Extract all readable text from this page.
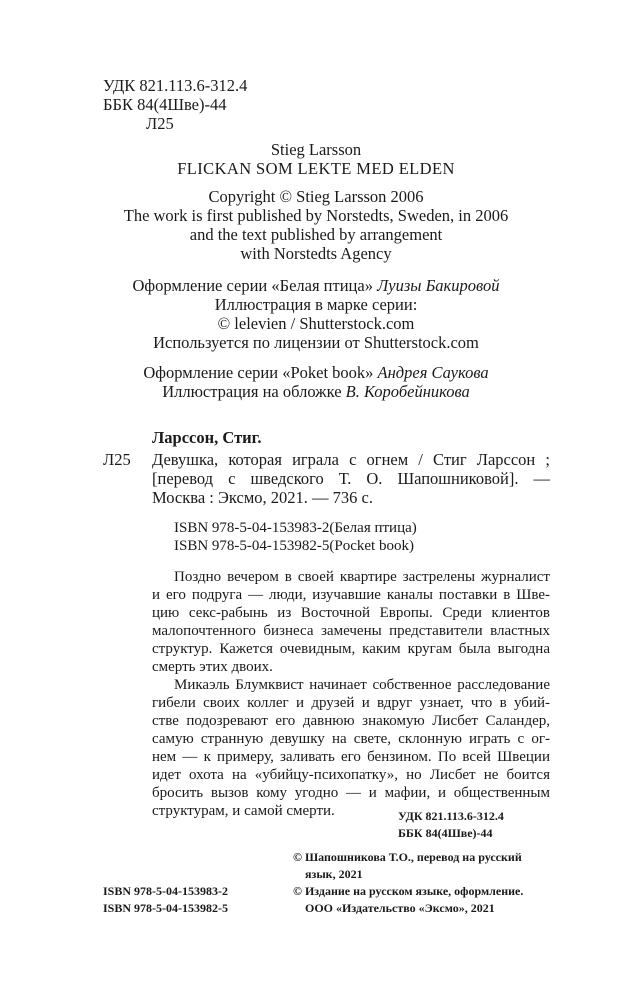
УДК 821.113.6-312.4
ББК 84(4Шве)-44
Л25
Stieg Larsson
FLICKAN SOM LEKTE MED ELDEN
Copyright © Stieg Larsson 2006
The work is first published by Norstedts, Sweden, in 2006
and the text published by arrangement
with Norstedts Agency
Оформление серии «Белая птица» Луизы Бакировой
Иллюстрация в марке серии:
© lelevien / Shutterstock.com
Используется по лицензии от Shutterstock.com
Оформление серии «Poket book» Андрея Саукова
Иллюстрация на обложке В. Коробейникова
Ларссон, Стиг.
Л25 Девушка, которая играла с огнем / Стиг Ларссон ;
[перевод с шведского Т. О. Шапошниковой]. —
Москва : Эксмо, 2021. — 736 с.
ISBN 978-5-04-153983-2(Белая птица)
ISBN 978-5-04-153982-5(Pocket book)
Поздно вечером в своей квартире застрелены журналист
и его подруга — люди, изучавшие каналы поставки в Шве-
цию секс-рабынь из Восточной Европы. Среди клиентов
малопочтенного бизнеса замечены представители властных
структур. Кажется очевидным, каким кругам была выгодна
смерть этих двоих.
Микаэль Блумквист начинает собственное расследование
гибели своих коллег и друзей и вдруг узнает, что в убий-
стве подозревают его давнюю знакомую Лисбет Саландер,
самую странную девушку на свете, склонную играть с ог-
нем — к примеру, заливать его бензином. По всей Швеции
идет охота на «убийцу-психопатку», но Лисбет не боится
бросить вызов кому угодно — и мафии, и общественным
структурам, и самой смерти.	УДК 821.113.6-312.4
ББК 84(4Шве)-44
ISBN 978-5-04-153983-2
ISBN 978-5-04-153982-5
© Шапошникова Т.О., перевод на русский
язык, 2021
© Издание на русском языке, оформление.
ООО «Издательство «Эксмо», 2021
